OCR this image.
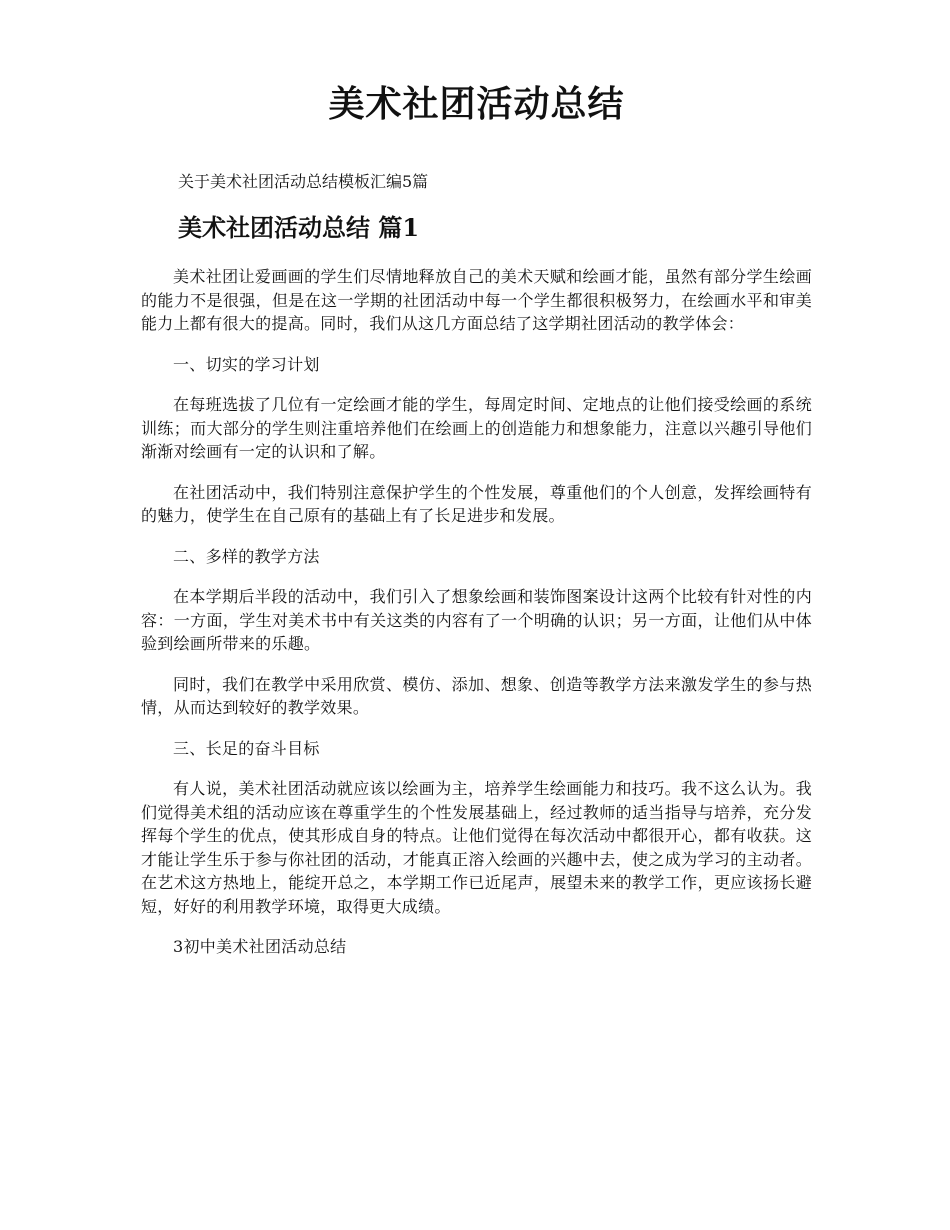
美术社团活动总结

关于美术社团活动总结模板汇编5篇

美术社团活动总结 篇1

美术社团让爱画画的学生们尽情地释放自己的美术天赋和绘画才能，虽然有部分学生绘画的能力不是很强，但是在这一学期的社团活动中每一个学生都很积极努力，在绘画水平和审美能力上都有很大的提高。同时，我们从这几方面总结了这学期社团活动的教学体会：

一、切实的学习计划

在每班选拔了几位有一定绘画才能的学生，每周定时间、定地点的让他们接受绘画的系统训练；而大部分的学生则注重培养他们在绘画上的创造能力和想象能力，注意以兴趣引导他们渐渐对绘画有一定的认识和了解。

在社团活动中，我们特别注意保护学生的个性发展，尊重他们的个人创意，发挥绘画特有的魅力，使学生在自己原有的基础上有了长足进步和发展。

二、多样的教学方法

在本学期后半段的活动中，我们引入了想象绘画和装饰图案设计这两个比较有针对性的内容：一方面，学生对美术书中有关这类的内容有了一个明确的认识；另一方面，让他们从中体验到绘画所带来的乐趣。

同时，我们在教学中采用欣赏、模仿、添加、想象、创造等教学方法来激发学生的参与热情，从而达到较好的教学效果。

三、长足的奋斗目标

有人说，美术社团活动就应该以绘画为主，培养学生绘画能力和技巧。我不这么认为。我们觉得美术组的活动应该在尊重学生的个性发展基础上，经过教师的适当指导与培养，充分发挥每个学生的优点，使其形成自身的特点。让他们觉得在每次活动中都很开心，都有收获。这才能让学生乐于参与你社团的活动，才能真正溶入绘画的兴趣中去，使之成为学习的主动者。在艺术这方热地上，能绽开总之，本学期工作已近尾声，展望未来的教学工作，更应该扬长避短，好好的利用教学环境，取得更大成绩。

3初中美术社团活动总结
